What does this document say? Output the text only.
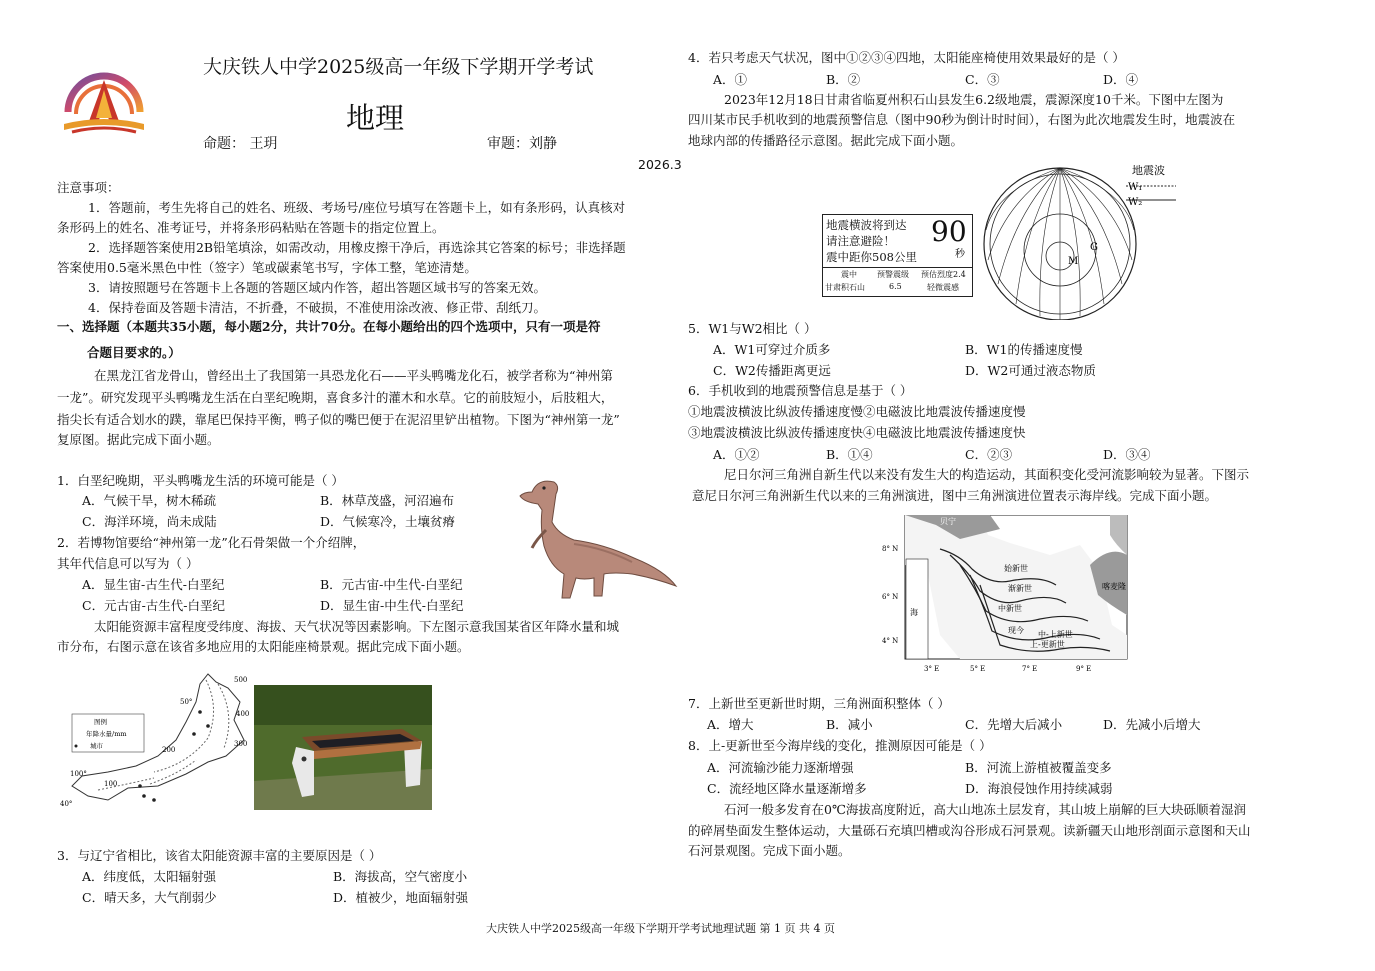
大庆铁人中学2025级高一年级下学期开学考试
地理
命题： 王玥	审题：刘静
2026.3
注意事项：
1．答题前，考生先将自己的姓名、班级、考场号/座位号填写在答题卡上，如有条形码，认真核对
条形码上的姓名、准考证号，并将条形码粘贴在答题卡的指定位置上。
2．选择题答案使用2B铅笔填涂，如需改动，用橡皮擦干净后，再选涂其它答案的标号；非选择题
答案使用0.5毫米黑色中性（签字）笔或碳素笔书写，字体工整，笔迹清楚。
3．请按照题号在答题卡上各题的答题区域内作答，超出答题区域书写的答案无效。
4．保持卷面及答题卡清洁，不折叠，不破损，不准使用涂改液、修正带、刮纸刀。
一、选择题（本题共35小题，每小题2分，共计70分。在每小题给出的四个选项中，只有一项是符
合题目要求的。）
在黑龙江省龙骨山，曾经出土了我国第一具恐龙化石——平头鸭嘴龙化石，被学者称为“神州第
一龙”。研究发现平头鸭嘴龙生活在白垩纪晚期，喜食多汁的灌木和水草。它的前肢短小，后肢粗大，
指尖长有适合划水的蹼，靠尾巴保持平衡，鸭子似的嘴巴便于在泥沼里铲出植物。下图为“神州第一龙”
复原图。据此完成下面小题。
1．白垩纪晚期，平头鸭嘴龙生活的环境可能是（ ）
A．气候干旱，树木稀疏	B．林草茂盛，河沼遍布
C．海洋环境，尚未成陆	D．气候寒冷，土壤贫瘠
2．若博物馆要给“神州第一龙”化石骨架做一个介绍牌，
其年代信息可以写为（ ）
A．显生宙-古生代-白垩纪	B．元古宙-中生代-白垩纪
C．元古宙-古生代-白垩纪	D．显生宙-中生代-白垩纪
太阳能资源丰富程度受纬度、海拔、天气状况等因素影响。下左图示意我国某省区年降水量和城
市分布，右图示意在该省多地应用的太阳能座椅景观。据此完成下面小题。
500
400
300
200
100
50°
100°
40°
图例
年降水量/mm
城市
3．与辽宁省相比，该省太阳能资源丰富的主要原因是（ ）
A．纬度低，太阳辐射强	B．海拔高，空气密度小
C．晴天多，大气削弱少	D．植被少，地面辐射强
4．若只考虑天气状况，图中①②③④四地，太阳能座椅使用效果最好的是（ ）
A．①	B．②	C．③	D．④
2023年12月18日甘肃省临夏州积石山县发生6.2级地震，震源深度10千米。下图中左图为
四川某市民手机收到的地震预警信息（图中90秒为倒计时时间），右图为此次地震发生时，地震波在
地球内部的传播路径示意图。据此完成下面小题。
地震横波将到达
请注意避险！
震中距你508公里
90
秒
震中	预警震级 预估烈度2.4
甘肃积石山	6.5	轻微震感
地震波
W₁
W₂
G
M
5．W1与W2相比（ ）
A．W1可穿过介质多	B．W1的传播速度慢
C．W2传播距离更远	D．W2可通过液态物质
6．手机收到的地震预警信息是基于（ ）
①地震波横波比纵波传播速度慢②电磁波比地震波传播速度慢
③地震波横波比纵波传播速度快④电磁波比地震波传播速度快
A．①②	B．①④	C．②③	D．③④
尼日尔河三角洲自新生代以来没有发生大的构造运动，其面积变化受河流影响较为显著。下图示
意尼日尔河三角洲新生代以来的三角洲演进，图中三角洲演进位置表示海岸线。完成下面小题。
贝宁
喀麦隆
海
始新世
渐新世
中新世
现今 中-上新世
上-更新世
8° N
6° N
4° N
3° E	5° E	7° E	9° E
7．上新世至更新世时期，三角洲面积整体（ ）
A．增大	B．减小	C．先增大后减小	D．先减小后增大
8．上-更新世至今海岸线的变化，推测原因可能是（ ）
A．河流输沙能力逐渐增强	B．河流上游植被覆盖变多
C．流经地区降水量逐渐增多	D．海浪侵蚀作用持续减弱
石河一般多发育在0℃海拔高度附近，高大山地冻土层发育，其山坡上崩解的巨大块砾顺着湿润
的碎屑垫面发生整体运动，大量砾石充填凹槽或沟谷形成石河景观。读新疆天山地形剖面示意图和天山
石河景观图。完成下面小题。
大庆铁人中学2025级高一年级下学期开学考试地理试题 第 1 页 共 4 页
